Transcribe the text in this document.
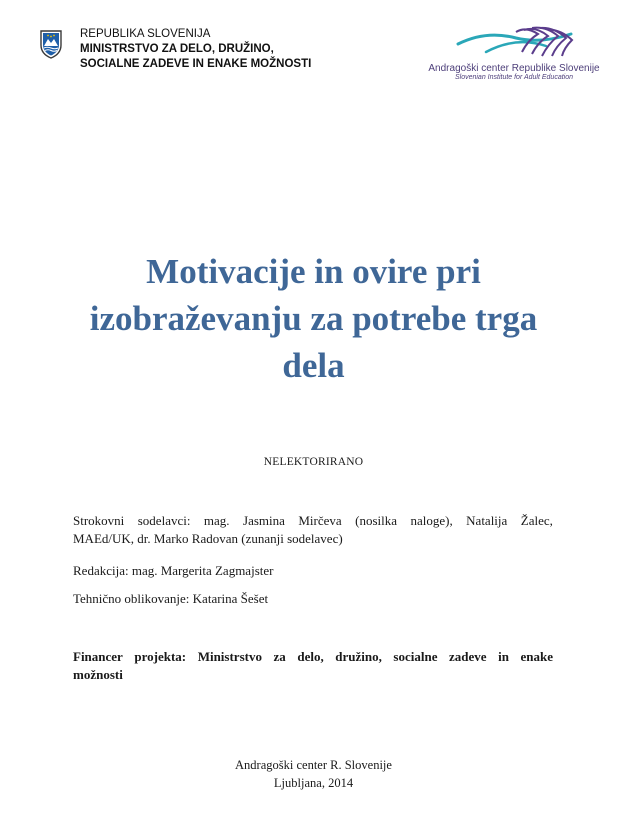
REPUBLIKA SLOVENIJA
MINISTRSTVO ZA DELO, DRUŽINO,
SOCIALNE ZADEVE IN ENAKE MOŽNOSTI	Andragoški center Republike Slovenije
Slovenian Institute for Adult Education
Motivacije in ovire pri
izobraževanju za potrebe trga
dela
NELEKTORIRANO
Strokovni sodelavci: mag. Jasmina Mirčeva (nosilka naloge), Natalija Žalec,
MAEd/UK, dr. Marko Radovan (zunanji sodelavec)
Redakcija: mag. Margerita Zagmajster
Tehnično oblikovanje: Katarina Šešet
Financer projekta: Ministrstvo za delo, družino, socialne zadeve in enake
možnosti
Andragoški center R. Slovenije
Ljubljana, 2014
